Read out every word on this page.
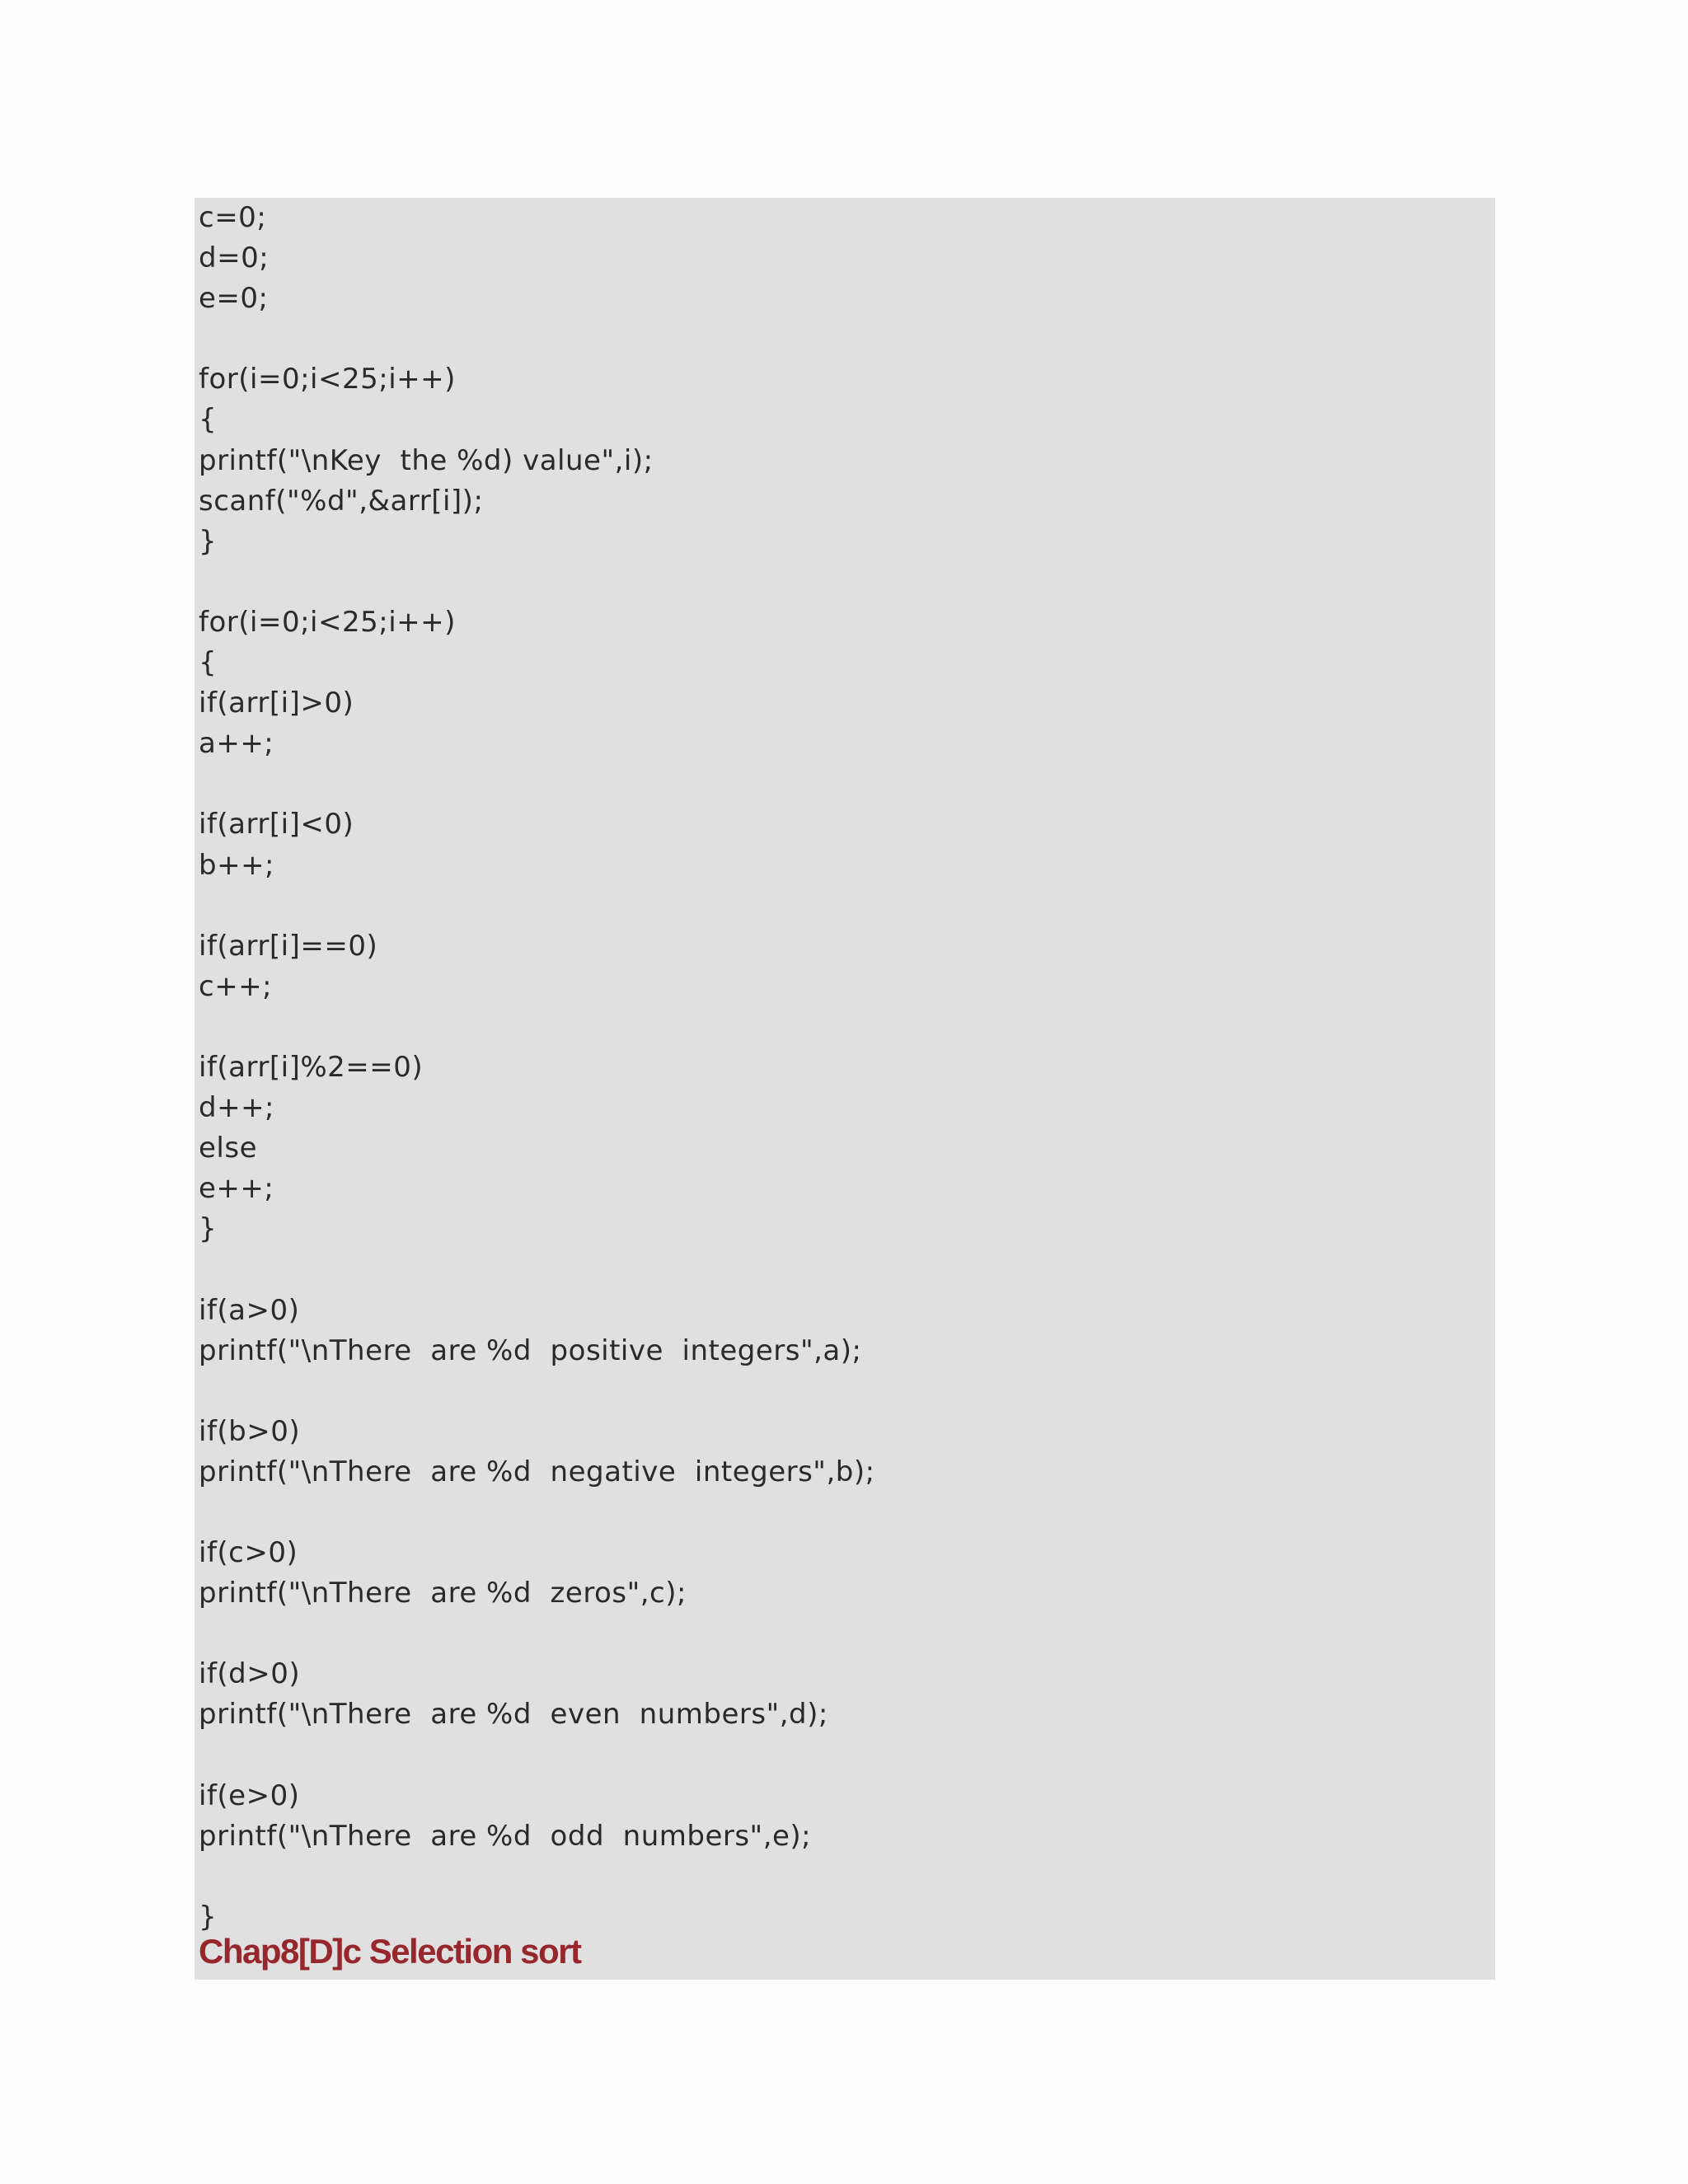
c=0;
d=0;
e=0;
for(i=0;i<25;i++)
{
printf("\nKey  the %d) value",i);
scanf("%d",&arr[i]);
}
for(i=0;i<25;i++)
{
if(arr[i]>0)
a++;
if(arr[i]<0)
b++;
if(arr[i]==0)
c++;
if(arr[i]%2==0)
d++;
else
e++;
}
if(a>0)
printf("\nThere  are %d  positive  integers",a);
if(b>0)
printf("\nThere  are %d  negative  integers",b);
if(c>0)
printf("\nThere  are %d  zeros",c);
if(d>0)
printf("\nThere  are %d  even  numbers",d);
if(e>0)
printf("\nThere  are %d  odd  numbers",e);
}
Chap8[D]c Selection sort
